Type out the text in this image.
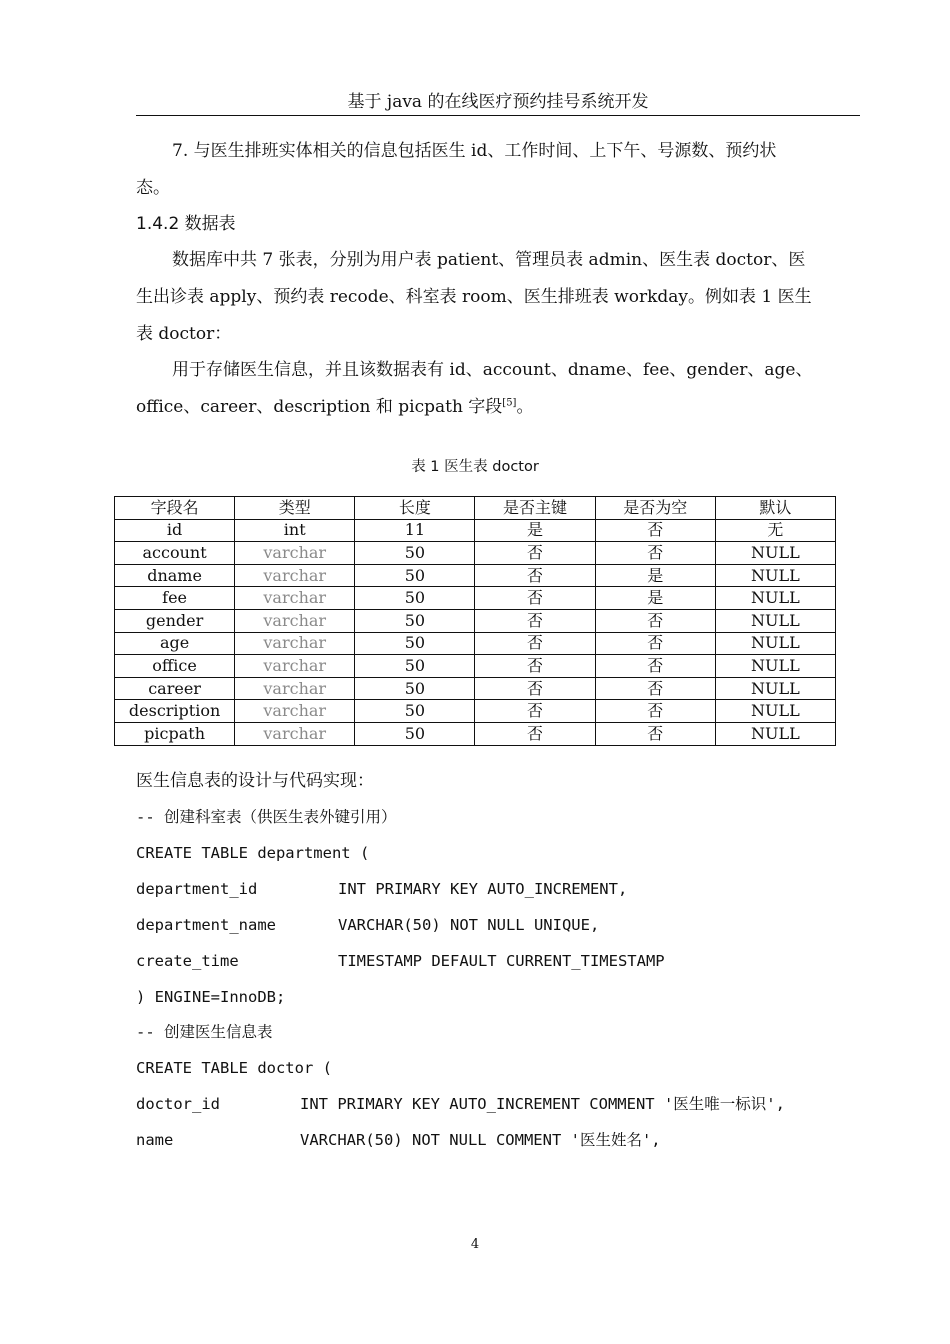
基于 java 的在线医疗预约挂号系统开发
7. 与医生排班实体相关的信息包括医生 id、工作时间、上下午、号源数、预约状
态。
1.4.2 数据表
数据库中共 7 张表，分别为用户表 patient、管理员表 admin、医生表 doctor、医
生出诊表 apply、预约表 recode、科室表 room、医生排班表 workday。例如表 1 医生
表 doctor：
用于存储医生信息，并且该数据表有 id、account、dname、fee、gender、age、
office、career、description 和 picpath 字段[5]。
表 1 医生表 doctor
字段名	类型	长度	是否主键	是否为空	默认
id	int	11	是	否	无
account	varchar	50	否	否	NULL
dname	varchar	50	否	是	NULL
fee	varchar	50	否	是	NULL
gender	varchar	50	否	否	NULL
age	varchar	50	否	否	NULL
office	varchar	50	否	否	NULL
career	varchar	50	否	否	NULL
description	varchar	50	否	否	NULL
picpath	varchar	50	否	否	NULL
医生信息表的设计与代码实现：
-- 创建科室表（供医生表外键引用）
CREATE TABLE department (
department_id	INT PRIMARY KEY AUTO_INCREMENT,
department_name	VARCHAR(50) NOT NULL UNIQUE,
create_time	TIMESTAMP DEFAULT CURRENT_TIMESTAMP
) ENGINE=InnoDB;
-- 创建医生信息表
CREATE TABLE doctor (
doctor_id	INT PRIMARY KEY AUTO_INCREMENT COMMENT '医生唯一标识',
name	VARCHAR(50) NOT NULL COMMENT '医生姓名',
4
